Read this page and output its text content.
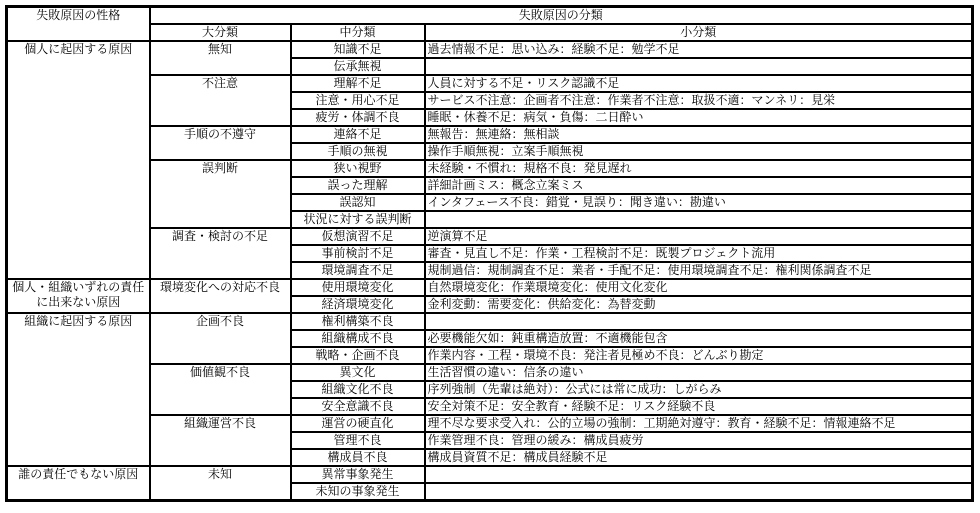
失敗原因の性格	失敗原因の分類		
	大分類	中分類	小分類
個人に起因する原因	無知	知識不足	過去情報不足：思い込み：経験不足：勉学不足
		伝承無視	
	不注意	理解不足	人員に対する不足・リスク認識不足
		注意・用心不足	サービス不注意：企画者不注意：作業者不注意：取扱不適：マンネリ：見栄
		疲労・体調不良	睡眠・休養不足：病気・負傷：二日酔い
	手順の不遵守	連絡不足	無報告：無連絡：無相談
		手順の無視	操作手順無視：立案手順無視
	誤判断	狭い視野	未経験・不慣れ：規格不良：発見遅れ
		誤った理解	詳細計画ミス：概念立案ミス
		誤認知	インタフェース不良：錯覚・見誤り：聞き違い：勘違い
		状況に対する誤判断	
	調査・検討の不足	仮想演習不足	逆演算不足
		事前検討不足	審査・見直し不足：作業・工程検討不足：既製プロジェクト流用
		環境調査不足	規制過信：規制調査不足：業者・手配不足：使用環境調査不足：権利関係調査不足
個人・組織いずれの責任に出来ない原因	環境変化への対応不良	使用環境変化	自然環境変化：作業環境変化：使用文化変化
		経済環境変化	金利変動：需要変化：供給変化：為替変動
組織に起因する原因	企画不良	権利構築不良	
		組織構成不良	必要機能欠如：鈍重構造放置：不適機能包含
		戦略・企画不良	作業内容・工程・環境不良：発注者見極め不良：どんぶり勘定
	価値観不良	異文化	生活習慣の違い：信条の違い
		組織文化不良	序列強制（先輩は絶対）：公式には常に成功：しがらみ
		安全意識不良	安全対策不足：安全教育・経験不足：リスク経験不良
	組織運営不良	運営の硬直化	理不尽な要求受入れ：公的立場の強制：工期絶対遵守：教育・経験不足：情報連絡不足
		管理不良	作業管理不良：管理の緩み：構成員疲労
		構成員不良	構成員資質不足：構成員経験不足
誰の責任でもない原因	未知	異常事象発生	
		未知の事象発生	
